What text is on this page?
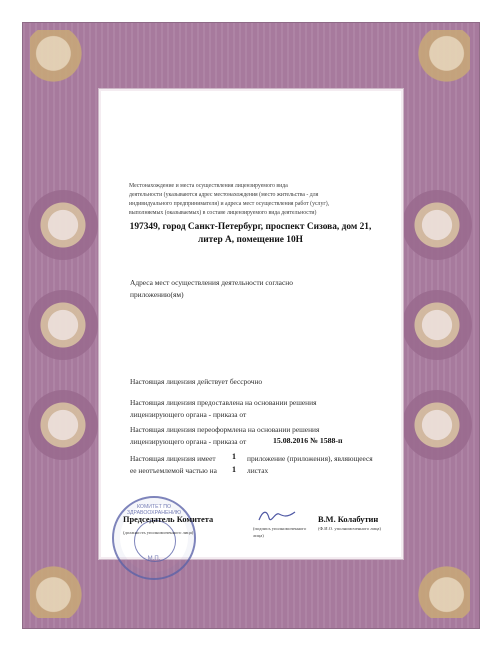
Местонахождение и места осуществления лицензируемого вида
деятельности (указываются адрес местонахождения (место жительства - для
индивидуального предпринимателя) и адреса мест осуществления работ (услуг),
выполняемых (оказываемых) в составе лицензируемого вида деятельности)
197349, город Санкт-Петербург, проспект Сизова, дом 21,
литер А, помещение 10Н
Адреса мест осуществления деятельности согласно
приложению(ям)
Настоящая лицензия действует бессрочно
Настоящая лицензия предоставлена на основании решения
лицензирующего органа - приказа от
Настоящая лицензия переоформлена на основании решения
лицензирующего органа - приказа от	15.08.2016 № 1588-п
Настоящая лицензия имеет	1	приложение (приложения), являющееся
ее неотъемлемой частью на	1	листах
КОМИТЕТ ПО ЗДРАВООХРАНЕНИЮ
М.П.
Председатель Комитета
(должность уполномоченного лица)
(подпись уполномоченного лица)
В.М. Колабутин
(Ф.И.О. уполномоченного лица)
